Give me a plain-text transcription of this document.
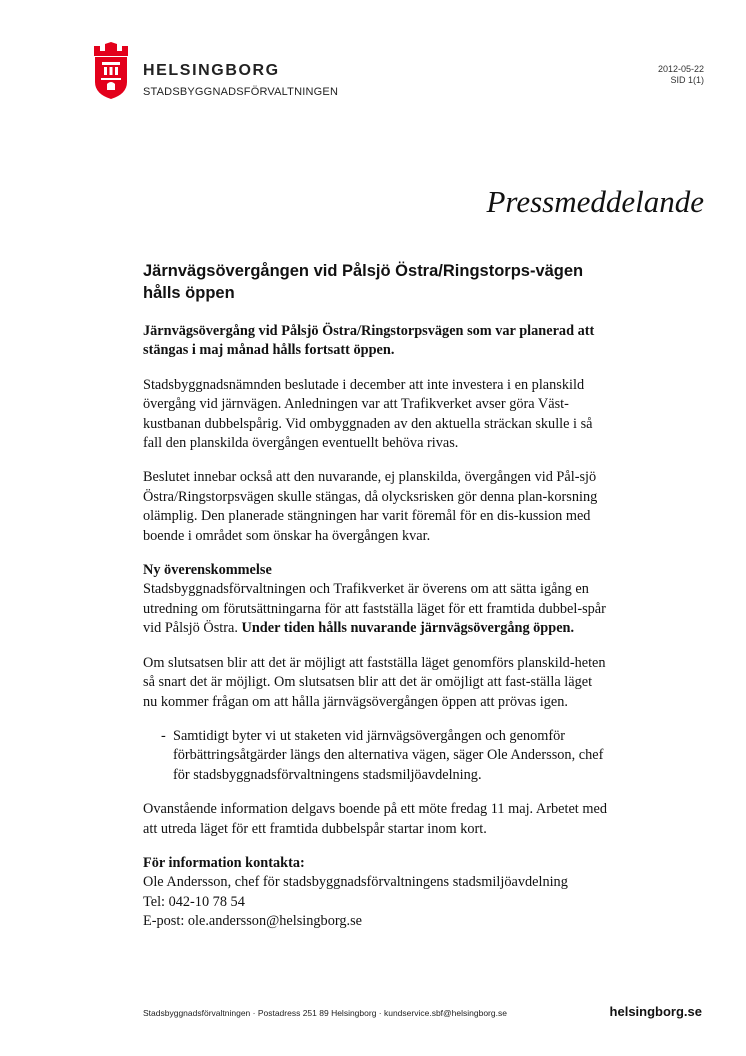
HELSINGBORG
STADSBYGGNADSFÖRVALTNINGEN
2012-05-22
SID 1(1)
Pressmeddelande
Järnvägsövergången vid Pålsjö Östra/Ringstorps-vägen hålls öppen

Järnvägsövergång vid Pålsjö Östra/Ringstorpsvägen som var planerad att stängas i maj månad hålls fortsatt öppen.

Stadsbyggnadsnämnden beslutade i december att inte investera i en planskild övergång vid järnvägen. Anledningen var att Trafikverket avser göra Väst-kustbanan dubbelspårig. Vid ombyggnaden av den aktuella sträckan skulle i så fall den planskilda övergången eventuellt behöva rivas.

Beslutet innebar också att den nuvarande, ej planskilda, övergången vid Pål-sjö Östra/Ringstorpsvägen skulle stängas, då olycksrisken gör denna plan-korsning olämplig. Den planerade stängningen har varit föremål för en dis-kussion med boende i området som önskar ha övergången kvar.

Ny överenskommelse
Stadsbyggnadsförvaltningen och Trafikverket är överens om att sätta igång en utredning om förutsättningarna för att fastställa läget för ett framtida dubbel-spår vid Pålsjö Östra. Under tiden hålls nuvarande järnvägsövergång öppen.

Om slutsatsen blir att det är möjligt att fastställa läget genomförs planskild-heten så snart det är möjligt. Om slutsatsen blir att det är omöjligt att fast-ställa läget nu kommer frågan om att hålla järnvägsövergången öppen att prövas igen.

- Samtidigt byter vi ut staketen vid järnvägsövergången och genomför förbättringsåtgärder längs den alternativa vägen, säger Ole Andersson, chef för stadsbyggnadsförvaltningens stadsmiljöavdelning.

Ovanstående information delgavs boende på ett möte fredag 11 maj. Arbetet med att utreda läget för ett framtida dubbelspår startar inom kort.

För information kontakta:
Ole Andersson, chef för stadsbyggnadsförvaltningens stadsmiljöavdelning
Tel: 042-10 78 54
E-post: ole.andersson@helsingborg.se

Stadsbyggnadsförvaltningen · Postadress 251 89 Helsingborg · kundservice.sbf@helsingborg.se	helsingborg.se
